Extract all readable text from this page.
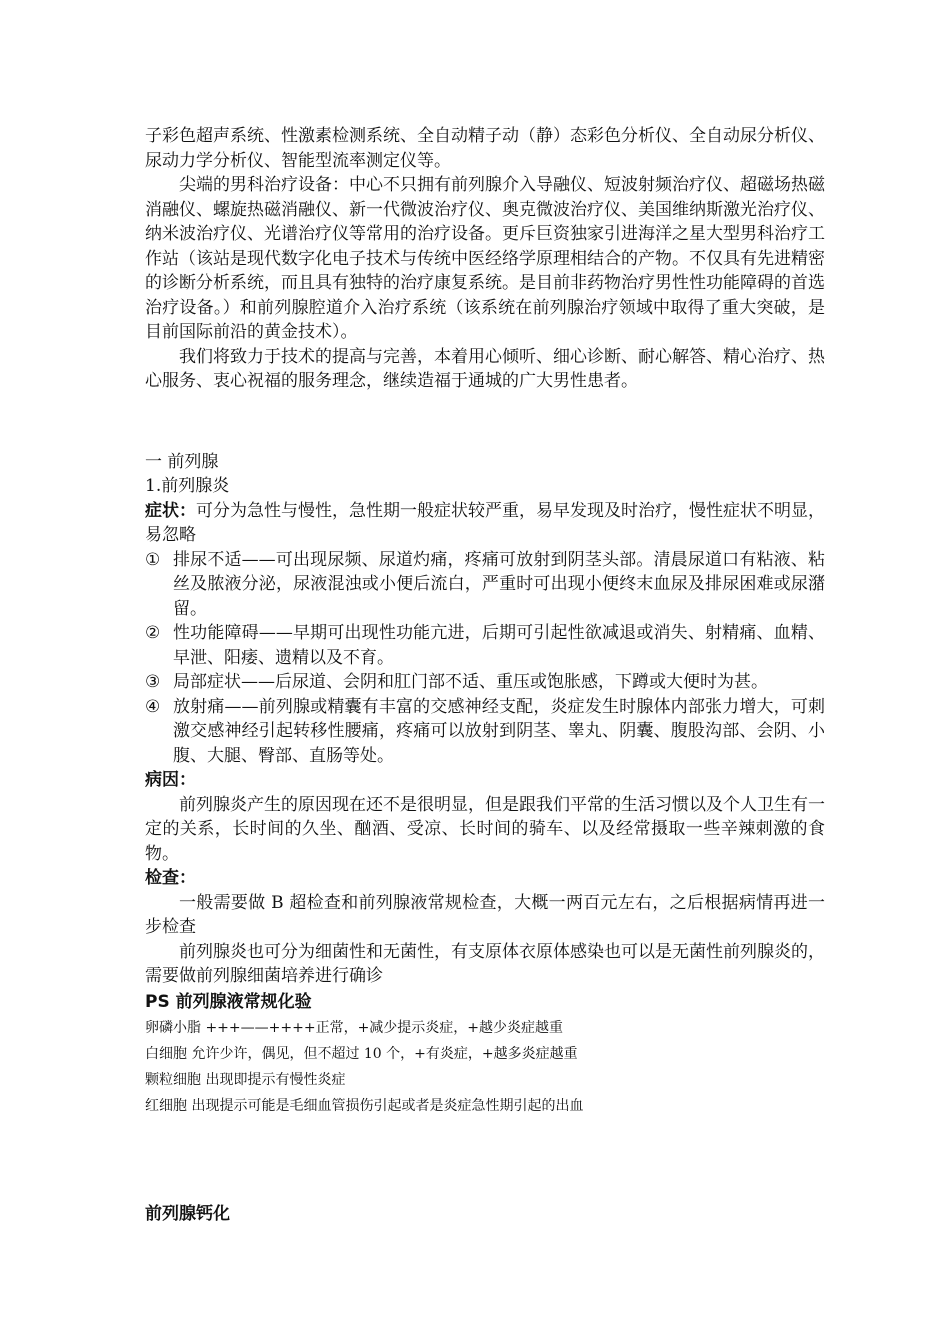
子彩色超声系统、性激素检测系统、全自动精子动（静）态彩色分析仪、全自动尿分析仪、尿动力学分析仪、智能型流率测定仪等。

尖端的男科治疗设备：中心不只拥有前列腺介入导融仪、短波射频治疗仪、超磁场热磁消融仪、螺旋热磁消融仪、新一代微波治疗仪、奥克微波治疗仪、美国维纳斯激光治疗仪、纳米波治疗仪、光谱治疗仪等常用的治疗设备。更斥巨资独家引进海洋之星大型男科治疗工作站（该站是现代数字化电子技术与传统中医经络学原理相结合的产物。不仅具有先进精密的诊断分析系统，而且具有独特的治疗康复系统。是目前非药物治疗男性性功能障碍的首选治疗设备。）和前列腺腔道介入治疗系统（该系统在前列腺治疗领域中取得了重大突破，是目前国际前沿的黄金技术）。

我们将致力于技术的提高与完善，本着用心倾听、细心诊断、耐心解答、精心治疗、热心服务、衷心祝福的服务理念，继续造福于通城的广大男性患者。

一 前列腺

1.前列腺炎

症状：可分为急性与慢性，急性期一般症状较严重，易早发现及时治疗，慢性症状不明显，易忽略

① 排尿不适——可出现尿频、尿道灼痛，疼痛可放射到阴茎头部。清晨尿道口有粘液、粘丝及脓液分泌，尿液混浊或小便后流白，严重时可出现小便终末血尿及排尿困难或尿潴留。
② 性功能障碍——早期可出现性功能亢进，后期可引起性欲减退或消失、射精痛、血精、早泄、阳痿、遗精以及不育。
③ 局部症状——后尿道、会阴和肛门部不适、重压或饱胀感，下蹲或大便时为甚。
④ 放射痛——前列腺或精囊有丰富的交感神经支配，炎症发生时腺体内部张力增大，可刺激交感神经引起转移性腰痛，疼痛可以放射到阴茎、睾丸、阴囊、腹股沟部、会阴、小腹、大腿、臀部、直肠等处。

病因：

前列腺炎产生的原因现在还不是很明显，但是跟我们平常的生活习惯以及个人卫生有一定的关系，长时间的久坐、酗酒、受凉、长时间的骑车、以及经常摄取一些辛辣刺激的食物。

检查：

一般需要做 B 超检查和前列腺液常规检查，大概一两百元左右，之后根据病情再进一步检查

前列腺炎也可分为细菌性和无菌性，有支原体衣原体感染也可以是无菌性前列腺炎的，需要做前列腺细菌培养进行确诊

PS 前列腺液常规化验

卵磷小脂 +++——++++正常，+减少提示炎症，+越少炎症越重

白细胞 允许少许，偶见，但不超过 10 个，+有炎症，+越多炎症越重

颗粒细胞 出现即提示有慢性炎症

红细胞 出现提示可能是毛细血管损伤引起或者是炎症急性期引起的出血

前列腺钙化
